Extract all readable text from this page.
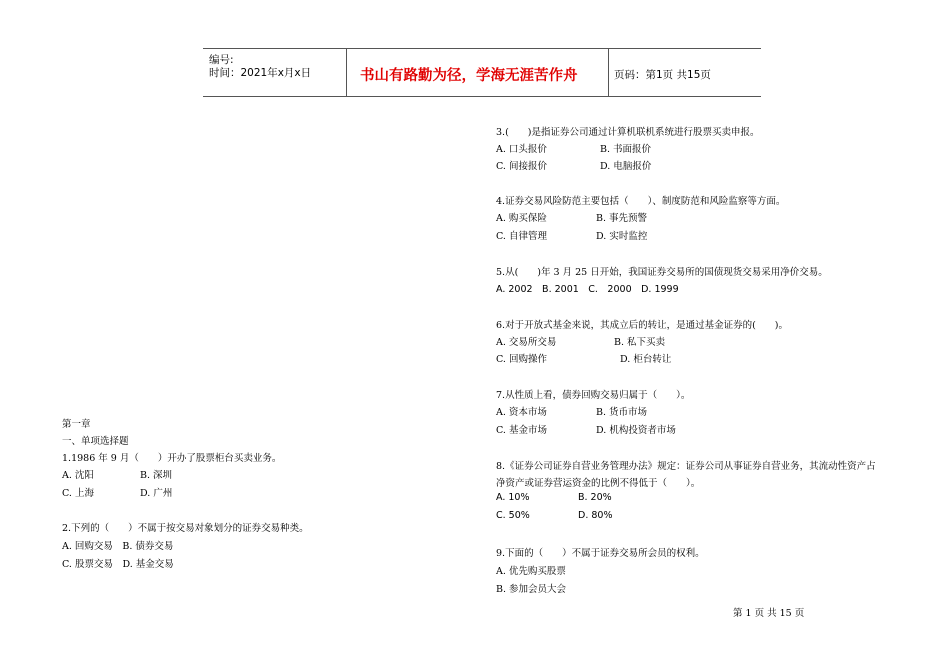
编号:
时间：2021年x月x日	书山有路勤为径，学海无涯苦作舟	页码：第1页 共15页
第一章
一、单项选择题
1.1986 年 9 月（　　）开办了股票柜台买卖业务。
A. 沈阳	B. 深圳
C. 上海	D. 广州
2.下列的（　　）不属于按交易对象划分的证券交易种类。
A. 回购交易　B. 债券交易
C. 股票交易　D. 基金交易
3.(　　)是指证券公司通过计算机联机系统进行股票买卖申报。
A. 口头报价	B. 书面报价
C. 间接报价	D. 电脑报价
4.证券交易风险防范主要包括（　　）、制度防范和风险监察等方面。
A. 购买保险	B. 事先预警
C. 自律管理	D. 实时监控
5.从(　　)年 3 月 25 日开始，我国证券交易所的国债现货交易采用净价交易。
A. 2002　B. 2001　C.　2000　D. 1999
6.对于开放式基金来说，其成立后的转让，是通过基金证券的(　　)。
A. 交易所交易	B. 私下买卖
C. 回购操作	D. 柜台转让
7.从性质上看，债券回购交易归属于（　　）。
A. 资本市场	B. 货币市场
C. 基金市场	D. 机构投资者市场
8.《证券公司证券自营业务管理办法》规定：证券公司从事证券自营业务，其流动性资产占
净资产或证券营运资金的比例不得低于（　　）。
A. 10%	B. 20%
C. 50%	D. 80%
9.下面的（　　）不属于证券交易所会员的权利。
A. 优先购买股票
B. 参加会员大会
第 1 页 共 15 页
